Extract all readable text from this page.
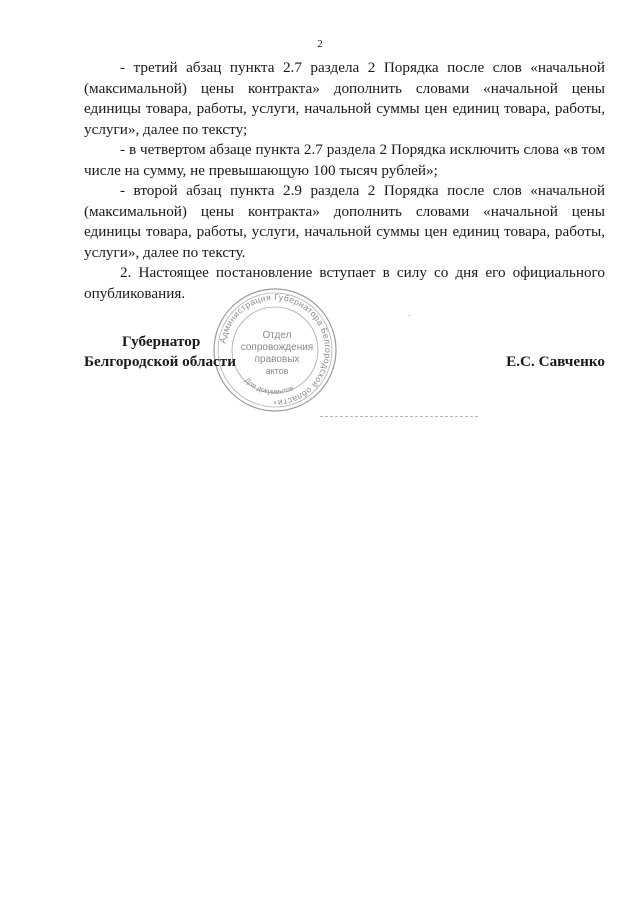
2

- третий абзац пункта 2.7 раздела 2 Порядка после слов «начальной (максимальной) цены контракта» дополнить словами «начальной цены единицы товара, работы, услуги, начальной суммы цен единиц товара, работы, услуги», далее по тексту;

- в четвертом абзаце пункта 2.7 раздела 2 Порядка исключить слова «в том числе на сумму, не превышающую 100 тысяч рублей»;

- второй абзац пункта 2.9 раздела 2 Порядка после слов «начальной (максимальной) цены контракта» дополнить словами «начальной цены единицы товара, работы, услуги, начальной суммы цен единиц товара, работы, услуги», далее по тексту.

2. Настоящее постановление вступает в силу со дня его официального опубликования.

Администрация Губернатора Белгородской области
Для документов
Отдел
сопровождения
правовых
актов
*
Губернатор
Белгородской области	Е.С. Савченко
